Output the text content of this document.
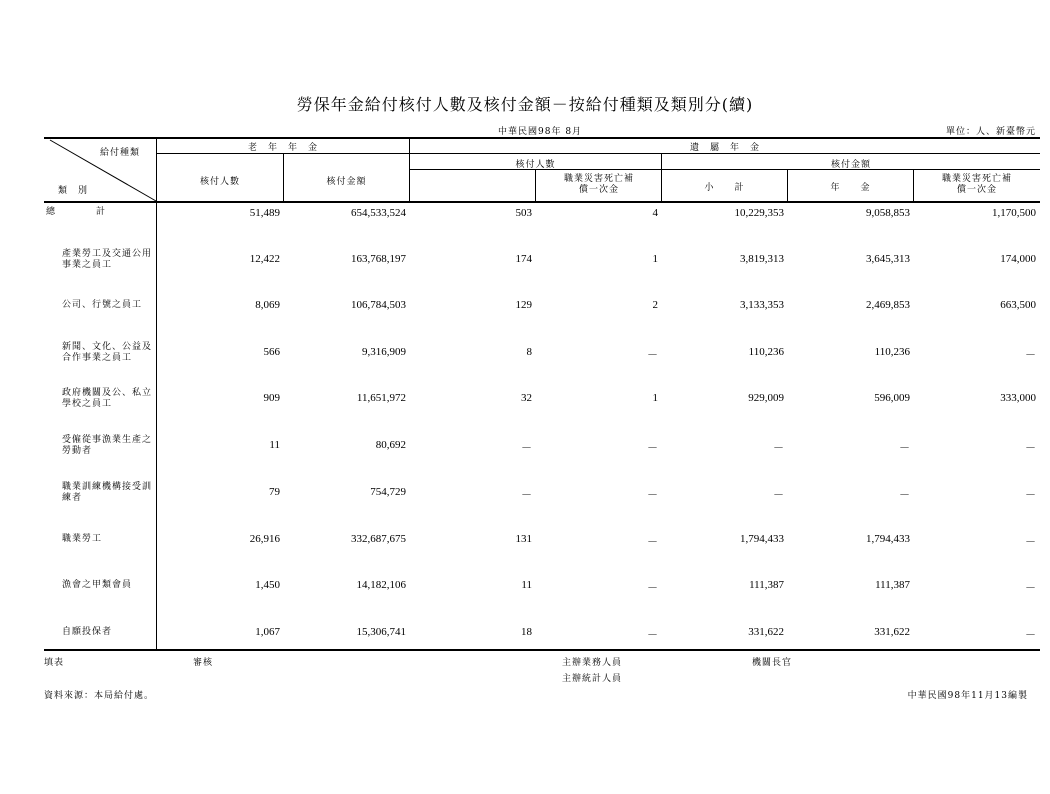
勞保年金給付核付人數及核付金額－按給付種類及類別分(續)
中華民國98年 8月	單位：人、新臺幣元
給付種類
類　別
老　年　年　金	遺　屬　年　金
核付人數	核付金額
核付人數	核付金額
職業災害死亡補償一次金	小　　計	年　　金
職業災害死亡補償一次金
總　　　　計	51,489	654,533,524	503	4	10,229,353	9,058,853	1,170,500
產業勞工及交通公用事業之員工	12,422	163,768,197	174	1	3,819,313	3,645,313	174,000
公司、行號之員工	8,069	106,784,503	129	2	3,133,353	2,469,853	663,500
新聞、文化、公益及合作事業之員工	566	9,316,909	8	－	110,236	110,236	－
政府機關及公、私立學校之員工	909	11,651,972	32	1	929,009	596,009	333,000
受僱從事漁業生產之勞動者	11	80,692	－	－	－	－	－
職業訓練機構接受訓練者	79	754,729	－	－	－	－	－
職業勞工	26,916	332,687,675	131	－	1,794,433	1,794,433	－
漁會之甲類會員	1,450	14,182,106	11	－	111,387	111,387	－
自願投保者	1,067	15,306,741	18	－	331,622	331,622	－
填表	審核	主辦業務人員
主辦統計人員
機關長官
資料來源：本局給付處。	中華民國98年11月13編製
